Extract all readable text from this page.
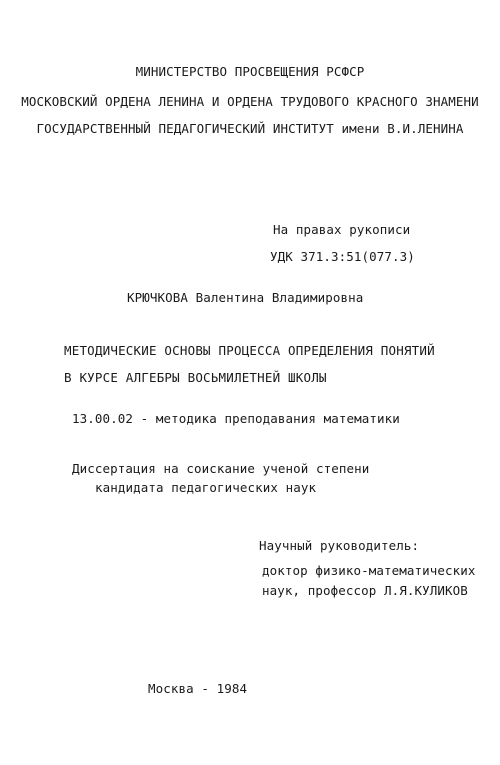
МИНИСТЕРСТВО ПРОСВЕЩЕНИЯ РСФСР
МОСКОВСКИЙ ОРДЕНА ЛЕНИНА И ОРДЕНА ТРУДОВОГО КРАСНОГО ЗНАМЕНИ
ГОСУДАРСТВЕННЫЙ ПЕДАГОГИЧЕСКИЙ ИНСТИТУТ имени В.И.ЛЕНИНА
На правах рукописи
УДК 371.3:51(077.3)
КРЮЧКОВА Валентина Владимировна
МЕТОДИЧЕСКИЕ ОСНОВЫ ПРОЦЕССА ОПРЕДЕЛЕНИЯ ПОНЯТИЙ
В КУРСЕ АЛГЕБРЫ ВОСЬМИЛЕТНЕЙ ШКОЛЫ
13.00.02 - методика преподавания математики
Диссертация на соискание ученой степени
кандидата педагогических наук
Научный руководитель:
доктор физико-математических
наук, профессор Л.Я.КУЛИКОВ
Москва - 1984
